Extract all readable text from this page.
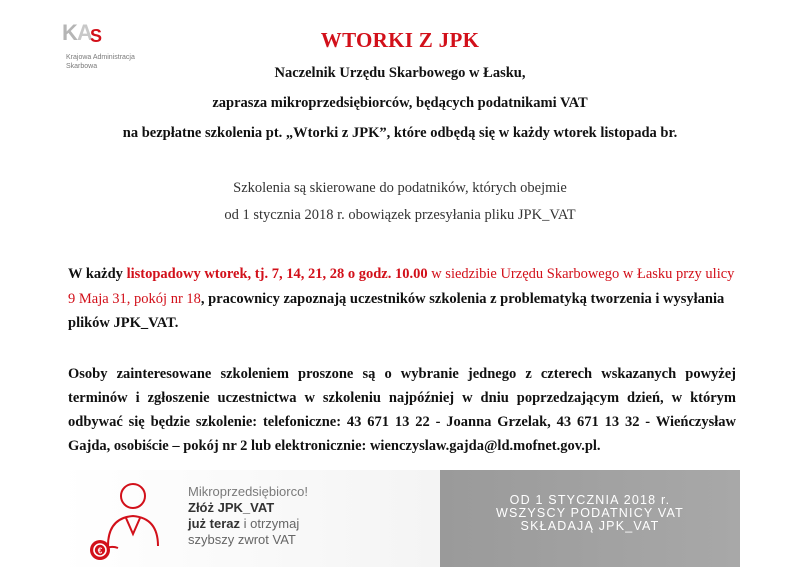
K A
S
Krajowa Administracja
Skarbowa
WTORKI Z JPK
Naczelnik Urzędu Skarbowego w Łasku,
zaprasza mikroprzedsiębiorców, będących podatnikami VAT
na bezpłatne szkolenia pt. „Wtorki z JPK”, które odbędą się w każdy wtorek listopada br.
Szkolenia są skierowane do podatników, których obejmie
od 1 stycznia 2018 r. obowiązek przesyłania pliku JPK_VAT
W każdy listopadowy wtorek, tj. 7, 14, 21, 28 o godz. 10.00 w siedzibie Urzędu Skarbowego w Łasku przy ulicy 9 Maja 31, pokój nr 18, pracownicy zapoznają uczestników szkolenia z problematyką tworzenia i wysyłania plików JPK_VAT.
Osoby zainteresowane szkoleniem proszone są o wybranie jednego z czterech wskazanych powyżej terminów i zgłoszenie uczestnictwa w szkoleniu najpóźniej w dniu poprzedzającym dzień, w którym odbywać się będzie szkolenie: telefoniczne: 43 671 13 22 - Joanna Grzelak, 43 671 13 32 - Wieńczysław Gajda, osobiście – pokój nr 2 lub elektronicznie: wienczyslaw.gajda@ld.mofnet.gov.pl.
€
Mikroprzedsiębiorco!
Złóż JPK_VAT
już teraz i otrzymaj
szybszy zwrot VAT
OD 1 STYCZNIA 2018 r.
WSZYSCY PODATNICY VAT
SKŁADAJĄ JPK_VAT
